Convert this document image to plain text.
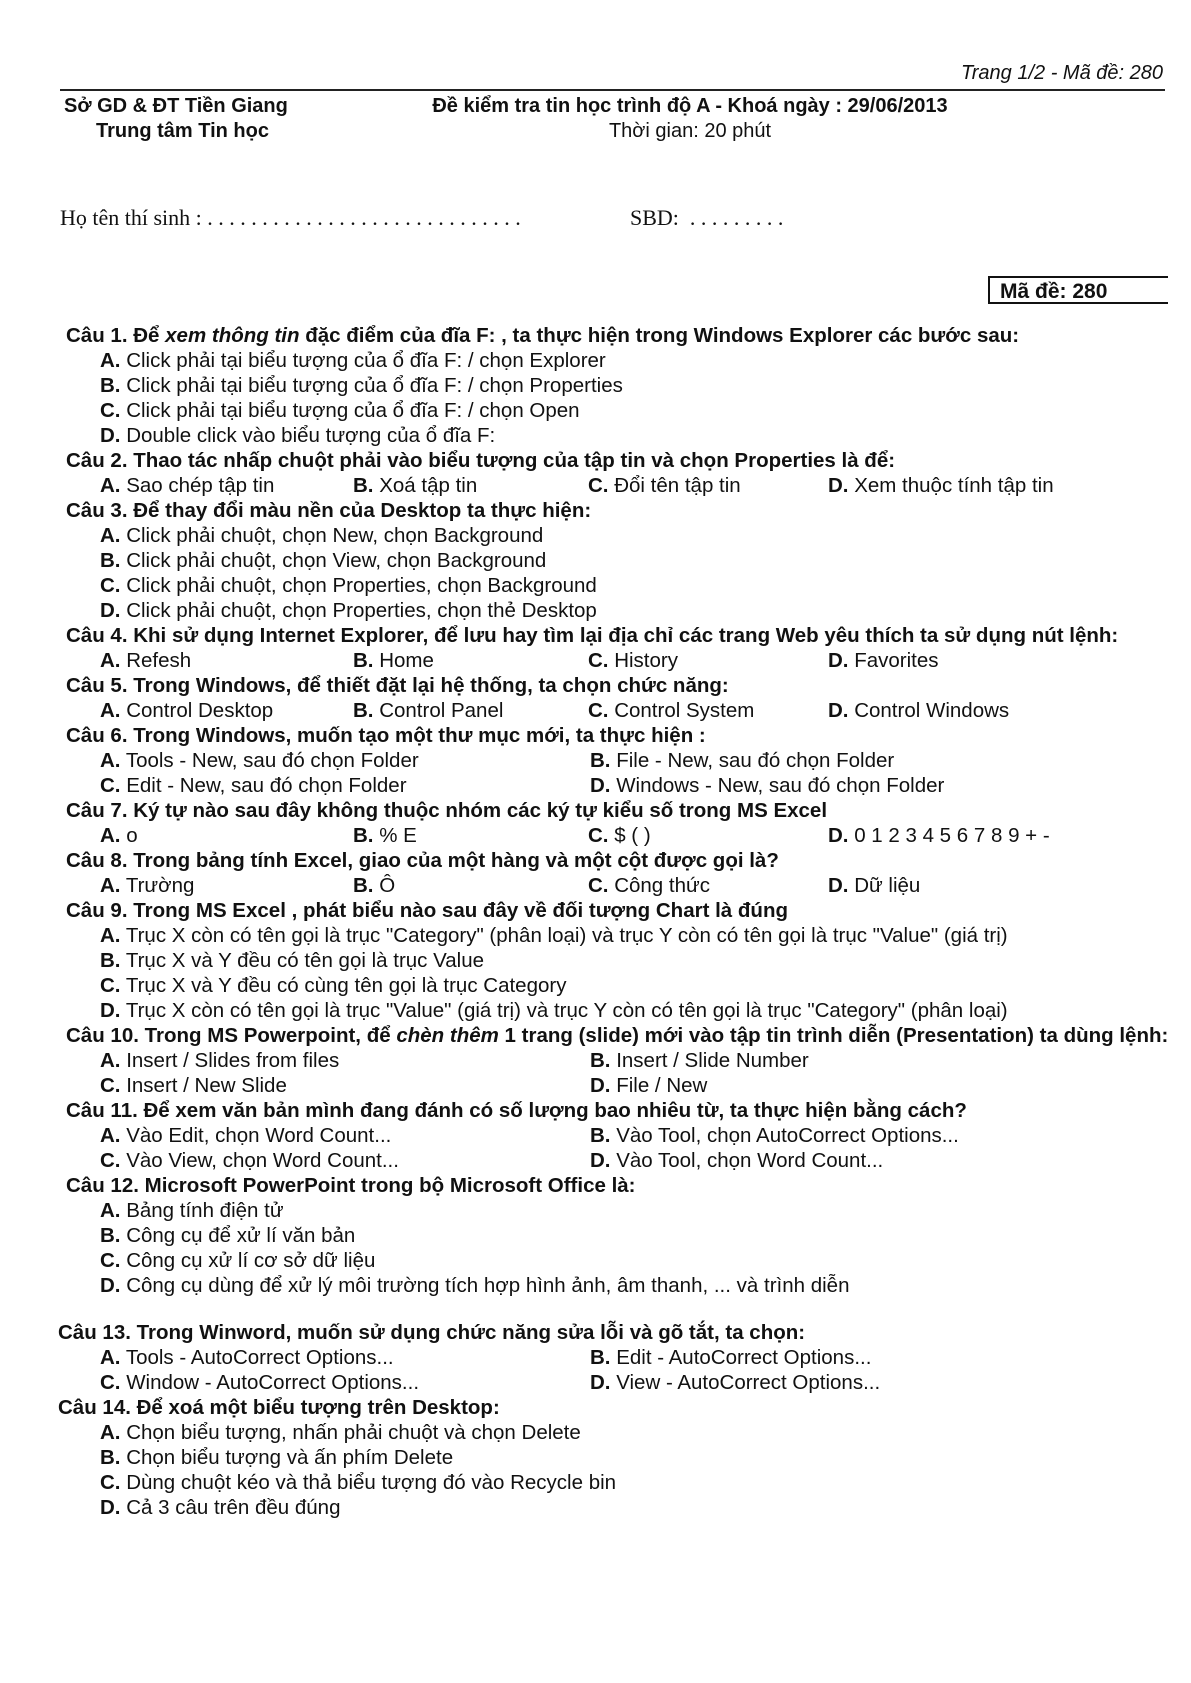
Trang 1/2 - Mã đề: 280
Sở GD & ĐT Tiền Giang
Trung tâm Tin học
Đề kiểm tra tin học trình độ A - Khoá ngày : 29/06/2013
Thời gian: 20 phút
Họ tên thí sinh : . . . . . . . . . . . . . . . . . . . . . . . . . . . . .	SBD:  . . . . . . . . .
Mã đề: 280
Câu 1. Để xem thông tin đặc điểm của đĩa F: , ta thực hiện trong Windows Explorer các bước sau:
A. Click phải tại biểu tượng của ổ đĩa F: / chọn Explorer
B. Click phải tại biểu tượng của ổ đĩa F: / chọn Properties
C. Click phải tại biểu tượng của ổ đĩa F: / chọn Open
D. Double click vào biểu tượng của ổ đĩa F:
Câu 2. Thao tác nhấp chuột phải vào biểu tượng của tập tin và chọn Properties là để:
A. Sao chép tập tin	B. Xoá tập tin	C. Đổi tên tập tin	D. Xem thuộc tính tập tin
Câu 3. Để thay đổi màu nền của Desktop ta thực hiện:
A. Click phải chuột, chọn New, chọn Background
B. Click phải chuột, chọn View, chọn Background
C. Click phải chuột, chọn Properties, chọn Background
D. Click phải chuột, chọn Properties, chọn thẻ Desktop
Câu 4. Khi sử dụng Internet Explorer, để lưu hay tìm lại địa chỉ các trang Web yêu thích ta sử dụng nút lệnh:
A. Refesh	B. Home	C. History	D. Favorites
Câu 5. Trong Windows, để thiết đặt lại hệ thống, ta chọn chức năng:
A. Control Desktop	B. Control Panel	C. Control System	D. Control Windows
Câu 6. Trong Windows, muốn tạo một thư mục mới, ta thực hiện :
A. Tools - New, sau đó chọn Folder	B. File - New, sau đó chọn Folder
C. Edit - New, sau đó chọn Folder	D. Windows - New, sau đó chọn Folder
Câu 7. Ký tự nào sau đây không thuộc nhóm các ký tự kiểu số trong MS Excel
A. o	B. % E	C. $ ( )	D. 0 1 2 3 4 5 6 7 8 9 + -
Câu 8. Trong bảng tính Excel, giao của một hàng và một cột được gọi là?
A. Trường	B. Ô	C. Công thức	D. Dữ liệu
Câu 9. Trong MS Excel , phát biểu nào sau đây về đối tượng Chart là đúng
A. Trục X còn có tên gọi là trục "Category" (phân loại) và trục Y còn có tên gọi là trục "Value" (giá trị)
B. Trục X và Y đều có tên gọi là trục Value
C. Trục X và Y đều có cùng tên gọi là trục Category
D. Trục X còn có tên gọi là trục "Value" (giá trị) và trục Y còn có tên gọi là trục "Category" (phân loại)
Câu 10. Trong MS Powerpoint, để chèn thêm 1 trang (slide) mới vào tập tin trình diễn (Presentation) ta dùng lệnh:
A. Insert / Slides from files	B. Insert / Slide Number
C. Insert / New Slide	D. File / New
Câu 11. Để xem văn bản mình đang đánh có số lượng bao nhiêu từ, ta thực hiện bằng cách?
A. Vào Edit, chọn Word Count...	B. Vào Tool, chọn AutoCorrect Options...
C. Vào View, chọn Word Count...	D. Vào Tool, chọn Word Count...
Câu 12. Microsoft PowerPoint trong bộ Microsoft Office là:
A. Bảng tính điện tử
B. Công cụ để xử lí văn bản
C. Công cụ xử lí cơ sở dữ liệu
D. Công cụ dùng để xử lý môi trường tích hợp hình ảnh, âm thanh, ... và trình diễn
Câu 13. Trong Winword, muốn sử dụng chức năng sửa lỗi và gõ tắt, ta chọn:
A. Tools - AutoCorrect Options...	B. Edit - AutoCorrect Options...
C. Window - AutoCorrect Options...	D. View - AutoCorrect Options...
Câu 14. Để xoá một biểu tượng trên Desktop:
A. Chọn biểu tượng, nhấn phải chuột và chọn Delete
B. Chọn biểu tượng và ấn phím Delete
C. Dùng chuột kéo và thả biểu tượng đó vào Recycle bin
D. Cả 3 câu trên đều đúng
